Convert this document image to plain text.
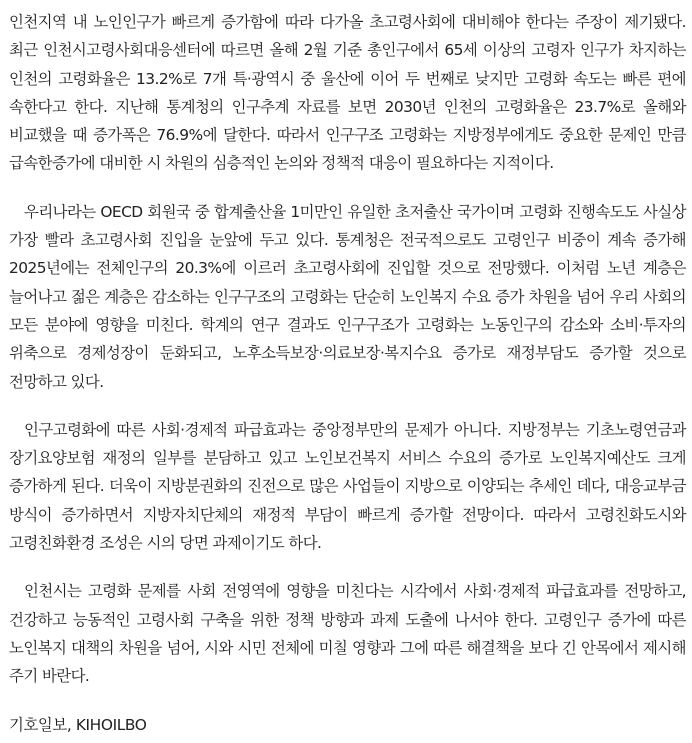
인천지역 내 노인인구가 빠르게 증가함에 따라 다가올 초고령사회에 대비해야 한다는 주장이 제기됐다. 최근 인천시고령사회대응센터에 따르면 올해 2월 기준 총인구에서 65세 이상의 고령자 인구가 차지하는 인천의 고령화율은 13.2%로 7개 특·광역시 중 울산에 이어 두 번째로 낮지만 고령화 속도는 빠른 편에 속한다고 한다. 지난해 통계청의 인구추계 자료를 보면 2030년 인천의 고령화율은 23.7%로 올해와 비교했을 때 증가폭은 76.9%에 달한다. 따라서 인구구조 고령화는 지방정부에게도 중요한 문제인 만큼 급속한증가에 대비한 시 차원의 심층적인 논의와 정책적 대응이 필요하다는 지적이다.

우리나라는 OECD 회원국 중 합계출산율 1미만인 유일한 초저출산 국가이며 고령화 진행속도도 사실상 가장 빨라 초고령사회 진입을 눈앞에 두고 있다. 통계청은 전국적으로도 고령인구 비중이 계속 증가해 2025년에는 전체인구의 20.3%에 이르러 초고령사회에 진입할 것으로 전망했다. 이처럼 노년 계층은 늘어나고 젊은 계층은 감소하는 인구구조의 고령화는 단순히 노인복지 수요 증가 차원을 넘어 우리 사회의 모든 분야에 영향을 미친다. 학계의 연구 결과도 인구구조가 고령화는 노동인구의 감소와 소비·투자의 위축으로 경제성장이 둔화되고, 노후소득보장·의료보장·복지수요 증가로 재정부담도 증가할 것으로 전망하고 있다.

인구고령화에 따른 사회·경제적 파급효과는 중앙정부만의 문제가 아니다. 지방정부는 기초노령연금과 장기요양보험 재정의 일부를 분담하고 있고 노인보건복지 서비스 수요의 증가로 노인복지예산도 크게 증가하게 된다. 더욱이 지방분권화의 진전으로 많은 사업들이 지방으로 이양되는 추세인 데다, 대응교부금 방식이 증가하면서 지방자치단체의 재정적 부담이 빠르게 증가할 전망이다. 따라서 고령친화도시와 고령친화환경 조성은 시의 당면 과제이기도 하다.

인천시는 고령화 문제를 사회 전영역에 영향을 미친다는 시각에서 사회·경제적 파급효과를 전망하고, 건강하고 능동적인 고령사회 구축을 위한 정책 방향과 과제 도출에 나서야 한다. 고령인구 증가에 따른 노인복지 대책의 차원을 넘어, 시와 시민 전체에 미칠 영향과 그에 따른 해결책을 보다 긴 안목에서 제시해 주기 바란다.

기호일보, KIHOILBO
